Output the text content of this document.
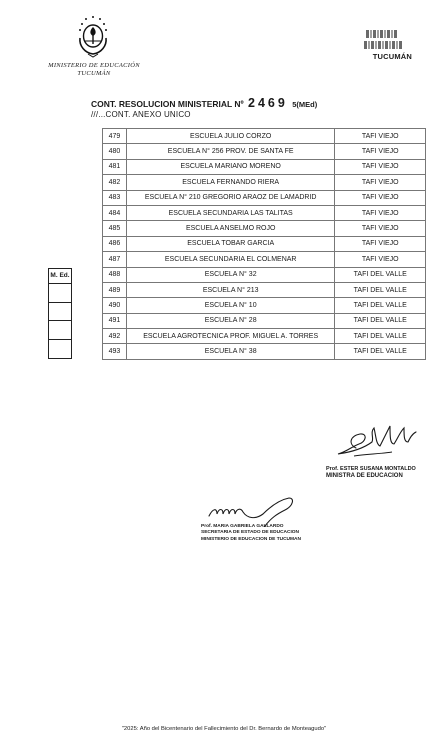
MINISTERIO DE EDUCACIÓN
TUCUMÁN
TUCUMÁN
CONT. RESOLUCION MINISTERIAL Nº 2469 5(MEd)
///...CONT. ANEXO UNICO
479	ESCUELA JULIO CORZO	TAFI VIEJO
480	ESCUELA N° 256 PROV. DE SANTA FE	TAFI VIEJO
481	ESCUELA MARIANO MORENO	TAFI VIEJO
482	ESCUELA FERNANDO RIERA	TAFI VIEJO
483	ESCUELA N° 210 GREGORIO ARAOZ DE LAMADRID	TAFI VIEJO
484	ESCUELA SECUNDARIA LAS TALITAS	TAFI VIEJO
485	ESCUELA ANSELMO ROJO	TAFI VIEJO
486	ESCUELA TOBAR GARCIA	TAFI VIEJO
487	ESCUELA SECUNDARIA EL COLMENAR	TAFI VIEJO
488	ESCUELA N° 32	TAFI DEL VALLE
489	ESCUELA N° 213	TAFI DEL VALLE
490	ESCUELA N° 10	TAFI DEL VALLE
491	ESCUELA N° 28	TAFI DEL VALLE
492	ESCUELA AGROTECNICA PROF. MIGUEL A. TORRES	TAFI DEL VALLE
493	ESCUELA N° 38	TAFI DEL VALLE
M. Ed.
Prof. ESTER SUSANA MONTALDO
MINISTRA DE EDUCACION
Prof. MARIA GABRIELA GALLARDO
SECRETARIA DE ESTADO DE EDUCACION
MINISTERIO DE EDUCACION DE TUCUMAN
"2025: Año del Bicentenario del Fallecimiento del Dr. Bernardo de Monteagudo"
